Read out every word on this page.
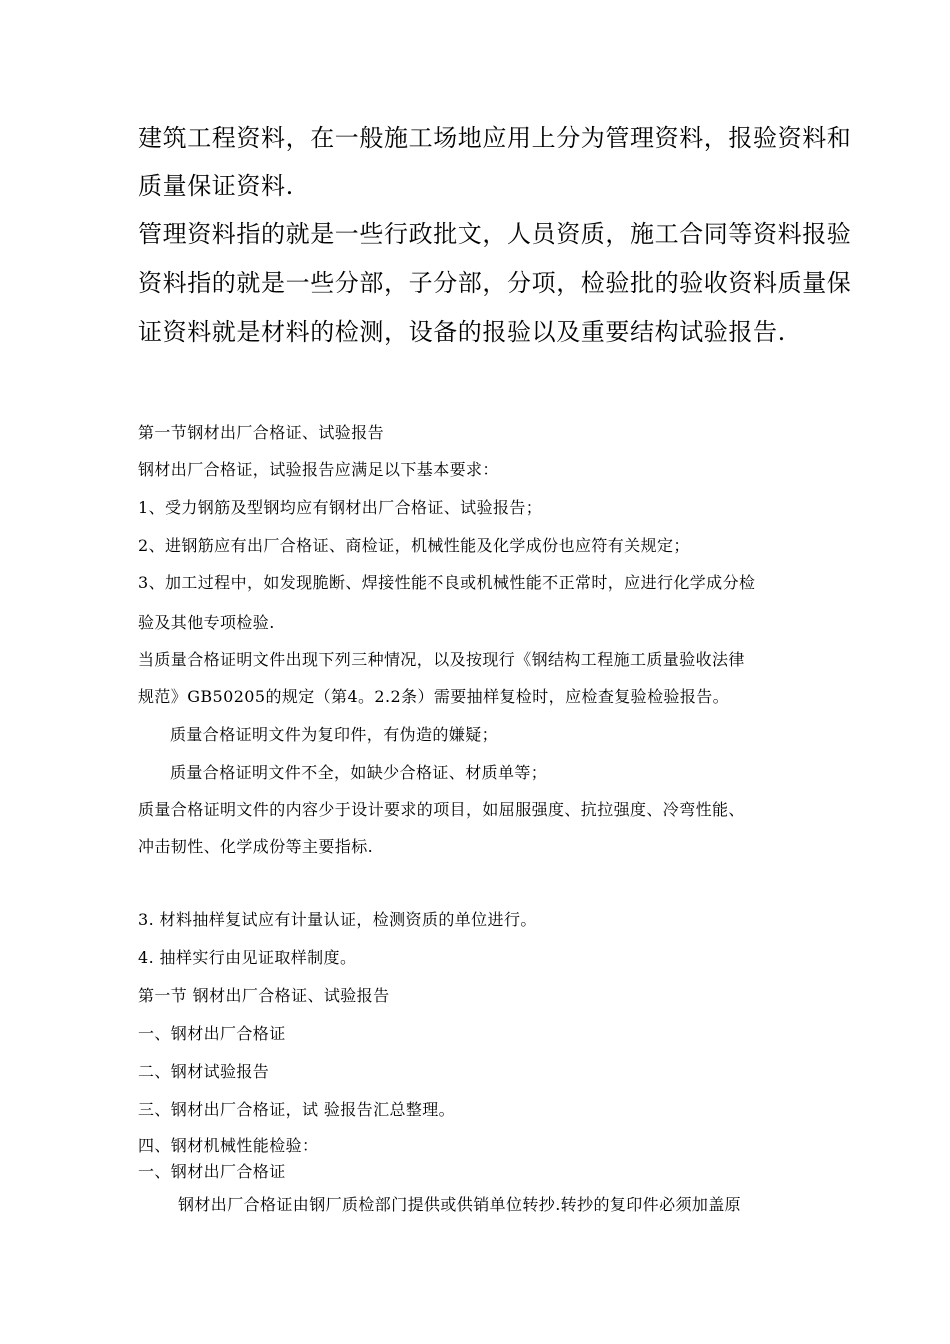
建筑工程资料，在一般施工场地应用上分为管理资料，报验资料和

质量保证资料.

管理资料指的就是一些行政批文，人员资质，施工合同等资料报验

资料指的就是一些分部，子分部，分项，检验批的验收资料质量保

证资料就是材料的检测，设备的报验以及重要结构试验报告.

第一节钢材出厂合格证、试验报告

钢材出厂合格证，试验报告应满足以下基本要求：

1、受力钢筋及型钢均应有钢材出厂合格证、试验报告；

2、进钢筋应有出厂合格证、商检证，机械性能及化学成份也应符有关规定；

3、加工过程中，如发现脆断、焊接性能不良或机械性能不正常时，应进行化学成分检

验及其他专项检验.

当质量合格证明文件出现下列三种情况，以及按现行《钢结构工程施工质量验收法律

规范》GB50205的规定（第4。2.2条）需要抽样复检时，应检查复验检验报告。

质量合格证明文件为复印件，有伪造的嫌疑；

质量合格证明文件不全，如缺少合格证、材质单等；

质量合格证明文件的内容少于设计要求的项目，如屈服强度、抗拉强度、冷弯性能、

冲击韧性、化学成份等主要指标.

3. 材料抽样复试应有计量认证，检测资质的单位进行。

4. 抽样实行由见证取样制度。

第一节 钢材出厂合格证、试验报告

一、钢材出厂合格证

二、钢材试验报告

三、钢材出厂合格证，试 验报告汇总整理。

四、钢材机械性能检验：

一、钢材出厂合格证

钢材出厂合格证由钢厂质检部门提供或供销单位转抄.转抄的复印件必须加盖原
